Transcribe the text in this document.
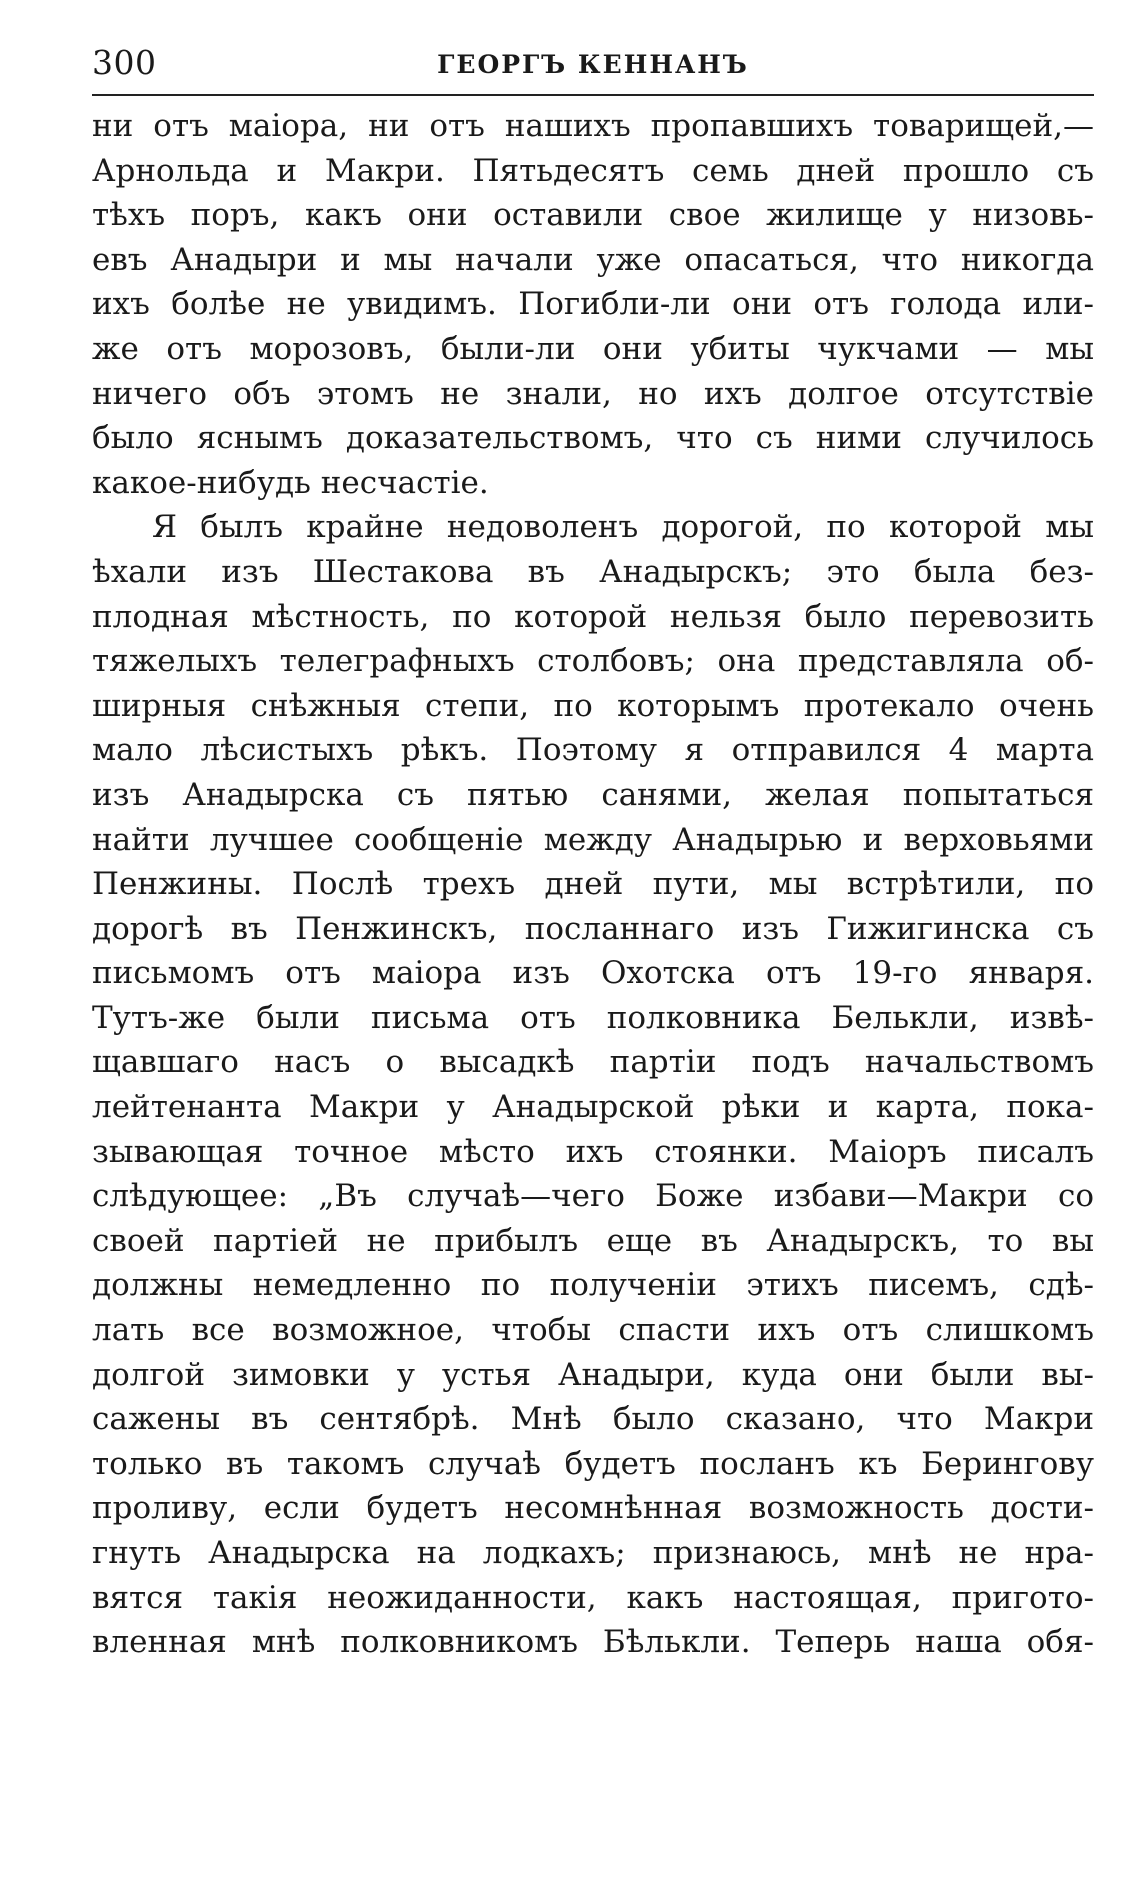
300	ГЕОРГЪ КЕННАНЪ
ни отъ маіора, ни отъ нашихъ пропавшихъ товарищей,—
Арнольда и Макри. Пятьдесятъ семь дней прошло съ
тѣхъ поръ, какъ они оставили свое жилище у низовь-
евъ Анадыри и мы начали уже опасаться, что никогда
ихъ болѣе не увидимъ. Погибли-ли они отъ голода или-
же отъ морозовъ, были-ли они убиты чукчами — мы
ничего объ этомъ не знали, но ихъ долгое отсутствіе
было яснымъ доказательствомъ, что съ ними случилось
какое-нибудь несчастіе.
Я былъ крайне недоволенъ дорогой, по которой мы
ѣхали изъ Шестакова въ Анадырскъ; это была без-
плодная мѣстность, по которой нельзя было перевозить
тяжелыхъ телеграфныхъ столбовъ; она представляла об-
ширныя снѣжныя степи, по которымъ протекало очень
мало лѣсистыхъ рѣкъ. Поэтому я отправился 4 марта
изъ Анадырска съ пятью санями, желая попытаться
найти лучшее сообщеніе между Анадырью и верховьями
Пенжины. Послѣ трехъ дней пути, мы встрѣтили, по
дорогѣ въ Пенжинскъ, посланнаго изъ Гижигинска съ
письмомъ отъ маіора изъ Охотска отъ 19-го января.
Тутъ-же были письма отъ полковника Белькли, извѣ-
щавшаго насъ о высадкѣ партіи подъ начальствомъ
лейтенанта Макри у Анадырской рѣки и карта, пока-
зывающая точное мѣсто ихъ стоянки. Маіоръ писалъ
слѣдующее: „Въ случаѣ—чего Боже избави—Макри со
своей партіей не прибылъ еще въ Анадырскъ, то вы
должны немедленно по полученіи этихъ писемъ, сдѣ-
лать все возможное, чтобы спасти ихъ отъ слишкомъ
долгой зимовки у устья Анадыри, куда они были вы-
сажены въ сентябрѣ. Мнѣ было сказано, что Макри
только въ такомъ случаѣ будетъ посланъ къ Берингову
проливу, если будетъ несомнѣнная возможность дости-
гнуть Анадырска на лодкахъ; признаюсь, мнѣ не нра-
вятся такія неожиданности, какъ настоящая, пригото-
вленная мнѣ полковникомъ Бѣлькли. Теперь наша обя-
